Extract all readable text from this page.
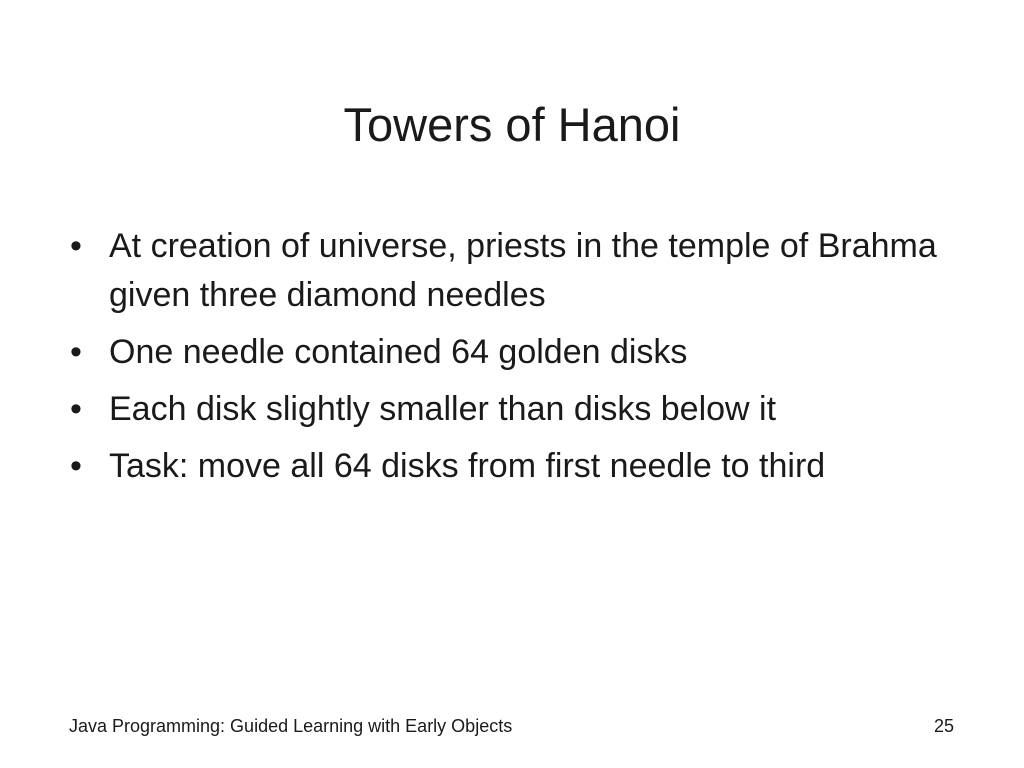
Towers of Hanoi
• At creation of universe, priests in the temple of Brahma given three diamond needles
• One needle contained 64 golden disks
• Each disk slightly smaller than disks below it
• Task: move all 64 disks from first needle to third
Java Programming: Guided Learning with Early Objects	25
